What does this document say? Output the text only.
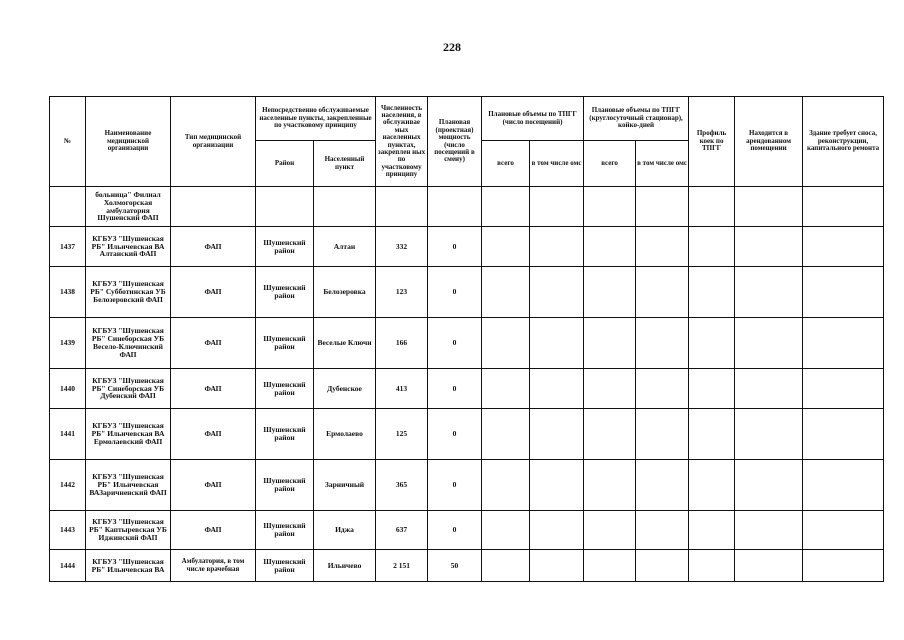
228
№	Наименование медицинской организации	Тип медицинской организации	Непосредственно обслуживаемые населенные пункты, закрепленные по участковому принципу		Численность населения, в обслуживае мых населенных пунктах, закреплен ных по участковому принципу	Плановая (проектная) мощность (число посещений в смену)	Плановые объемы по ТПГГ (число посещений)		Плановые объемы по ТПГГ (круглосуточный стационар), койко-дней		Профиль коек по ТПГГ	Находится в арендованном помещении	Здание требует сноса, реконструкции, капитального ремонта
			Район	Населенный пункт			всего	в том числе омс	всего	в том числе омс			
	больница" Филиал Холмогорская амбулатория Шушенский ФАП												
1437	КГБУЗ "Шушенская РБ" Ильичевская ВА Алтанский ФАП	ФАП	Шушенский район	Алтан	332	0							
1438	КГБУЗ "Шушенская РБ" Субботинская УБ Белозеровский ФАП	ФАП	Шушенский район	Белозеровка	123	0							
1439	КГБУЗ "Шушенская РБ" Синеборская УБ Весело-Ключинский ФАП	ФАП	Шушенский район	Веселые Ключи	166	0							
1440	КГБУЗ "Шушенская РБ" Синеборская УБ Дубенский ФАП	ФАП	Шушенский район	Дубенское	413	0							
1441	КГБУЗ "Шушенская РБ" Ильичевская ВА Ермолаевский ФАП	ФАП	Шушенский район	Ермолаево	125	0							
1442	КГБУЗ "Шушенская РБ" Ильичевская ВАЗаричненский ФАП	ФАП	Шушенский район	Зарничный	365	0							
1443	КГБУЗ "Шушенская РБ" Каптыревская УБ Иджинский ФАП	ФАП	Шушенский район	Иджа	637	0							
1444	КГБУЗ "Шушенская РБ" Ильичевская ВА	Амбулатория, в том числе врачебная	Шушенский район	Ильичево	2 151	50							
